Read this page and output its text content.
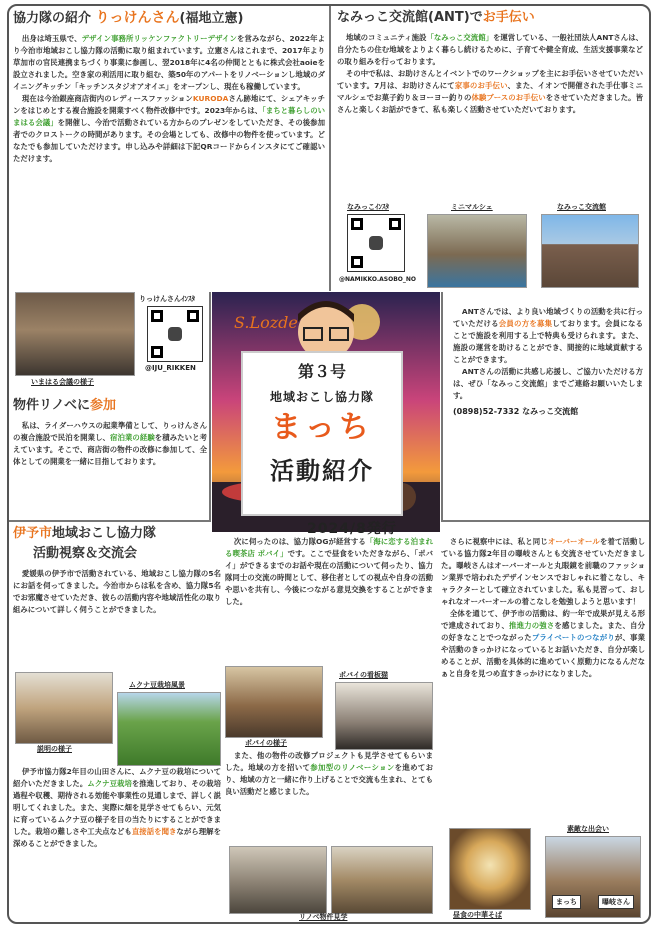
協力隊の紹介 りっけんさん(福地立憲)

出身は埼玉県で、デザイン事務所リッケンファクトリーデザインを営みながら、2022年より今治市地域おこし協力隊の活動に取り組まれています。立憲さんはこれまで、2017年より草加市の官民連携まちづくり事業に参画し、翌2018年に4名の仲間とともに株式会社aoieを設立されました。空き家の利活用に取り組む、築50年のアパートをリノベーションし地域のダイニングキッチン「キッチンスタジオアオイエ」をオープンし、現在も稼働しています。

現在は今治銀座商店街内のレディースファッションKURODAさん跡地にて、シェアキッチンをはじめとする複合施設を開業すべく物件改修中です。2023年からは、「まちと暮らしのいまはる会議」を開催し、今治で活動されている方からのプレゼンをしていただき、その後参加者でのクロストークの時間があります。その会場としても、改修中の物件を使っています。どなたでも参加していただけます。申し込みや詳細は下記QRコードからインスタにてご確認いただけます。

いまはる会議の様子
りっけんさんｲﾝｽﾀ
@IJU_RIKKEN
物件リノベに参加

私は、ライダーハウスの起業準備として、りっけんさんの複合施設で民泊を開業し、宿泊業の経験を積みたいと考えています。そこで、商店街の物件の改修に参加して、全体としての開業を一緒に目指しております。

なみっこ交流館(ANT)でお手伝い

地域のコミュニティ施設「なみっこ交流館」を運営している、一般社団法人ANTさんは、自分たちの住む地域をよりよく暮らし続けるために、子育てや健全育成、生活支援事業などの取り組みを行っております。

その中で私は、お助けさんとイベントでのワークショップを主にお手伝いさせていただいています。7月は、お助けさんにて家事のお手伝い、また、イオンで開催された手仕事ミニマルシェでお菓子釣り＆ヨーヨー釣りの体験ブースのお手伝いをさせていただきました。皆さんと楽しくお話ができて、私も楽しく活動させていただいております。

なみっこｲﾝｽﾀ
@NAMIKKO.ASOBO_NO
ミニマルシェ	なみっこ交流館

ANTさんでは、より良い地域づくりの活動を共に行っていただける会員の方を募集しております。会員になることで施設を利用する上で特典も受けられます。また、施設の運営を助けることができ、間接的に地域貢献することができます。

ANTさんの活動に共感し応援し、ご協力いただける方は、ぜひ「なみっこ交流館」までご連絡お願いいたします。

(0898)52-7332 なみっこ交流館
S.Lozde
第３号
地域おこし協力隊
まっち
活動紹介
2024/8発行
伊予市地域おこし協力隊
活動視察＆交流会

愛媛県の伊予市で活動されている、地域おこし協力隊の5名にお話を伺ってきました。今治市からは私を含め、協力隊5名でお邪魔させていただき、彼らの活動内容や地域活性化の取り組みについて詳しく伺うことができました。

説明の様子
ムクナ豆栽培風景

伊予市協力隊2年目の山田さんに、ムクナ豆の栽培について紹介いただきました。ムクナ豆栽培を推進しており、その栽培過程や収穫、期待される効能や事業性の見通しまで、詳しく説明してくれました。また、実際に畑を見学させてもらい、元気に育っているムクナ豆の様子を目の当たりにすることができました。栽培の難しさや工夫点なども直接話を聞きながら理解を深めることができました。

次に伺ったのは、協力隊OGが経営する「海に恋する泊まれる喫茶店 ポバイ」です。ここで昼食をいただきながら、「ポバイ」ができるまでのお話や現在の活動について伺ったり、協力隊同士の交流の時間として、移住者としての視点や自身の活動や思いを共有し、今後につながる意見交換をすることができました。

ポバイの様子
ポバイの看板猫

また、他の物件の改修プロジェクトも見学させてもらいました。地域の方を招いて参加型のリノベーションを進めており、地域の方と一緒に作り上げることで交流も生まれ、とても良い活動だと感じました。

リノベ物件見学

さらに視察中には、私と同じオーバーオールを着て活動している協力隊2年目の曝岐さんとも交流させていただきました。曝岐さんはオーバーオールと丸眼鏡を前職のファッション業界で培われたデザインセンスでおしゃれに着こなし、キャラクターとして確立されていました。私も見習って、おしゃれなオーバーオールの着こなしを勉強しようと思います！

全体を通じて、伊予市の活動は、約一年で成果が見える形で達成されており、推進力の強さを感じました。また、自分の好きなことでつながったプライベートのつながりが、事業や活動のきっかけになっているとお話いただき、自分が楽しめることが、活動を具体的に進めていく原動力になるんだなぁと自身を見つめ直すきっかけになりました。

昼食の中華そば
素敵な出会い
まっち	曝岐さん
